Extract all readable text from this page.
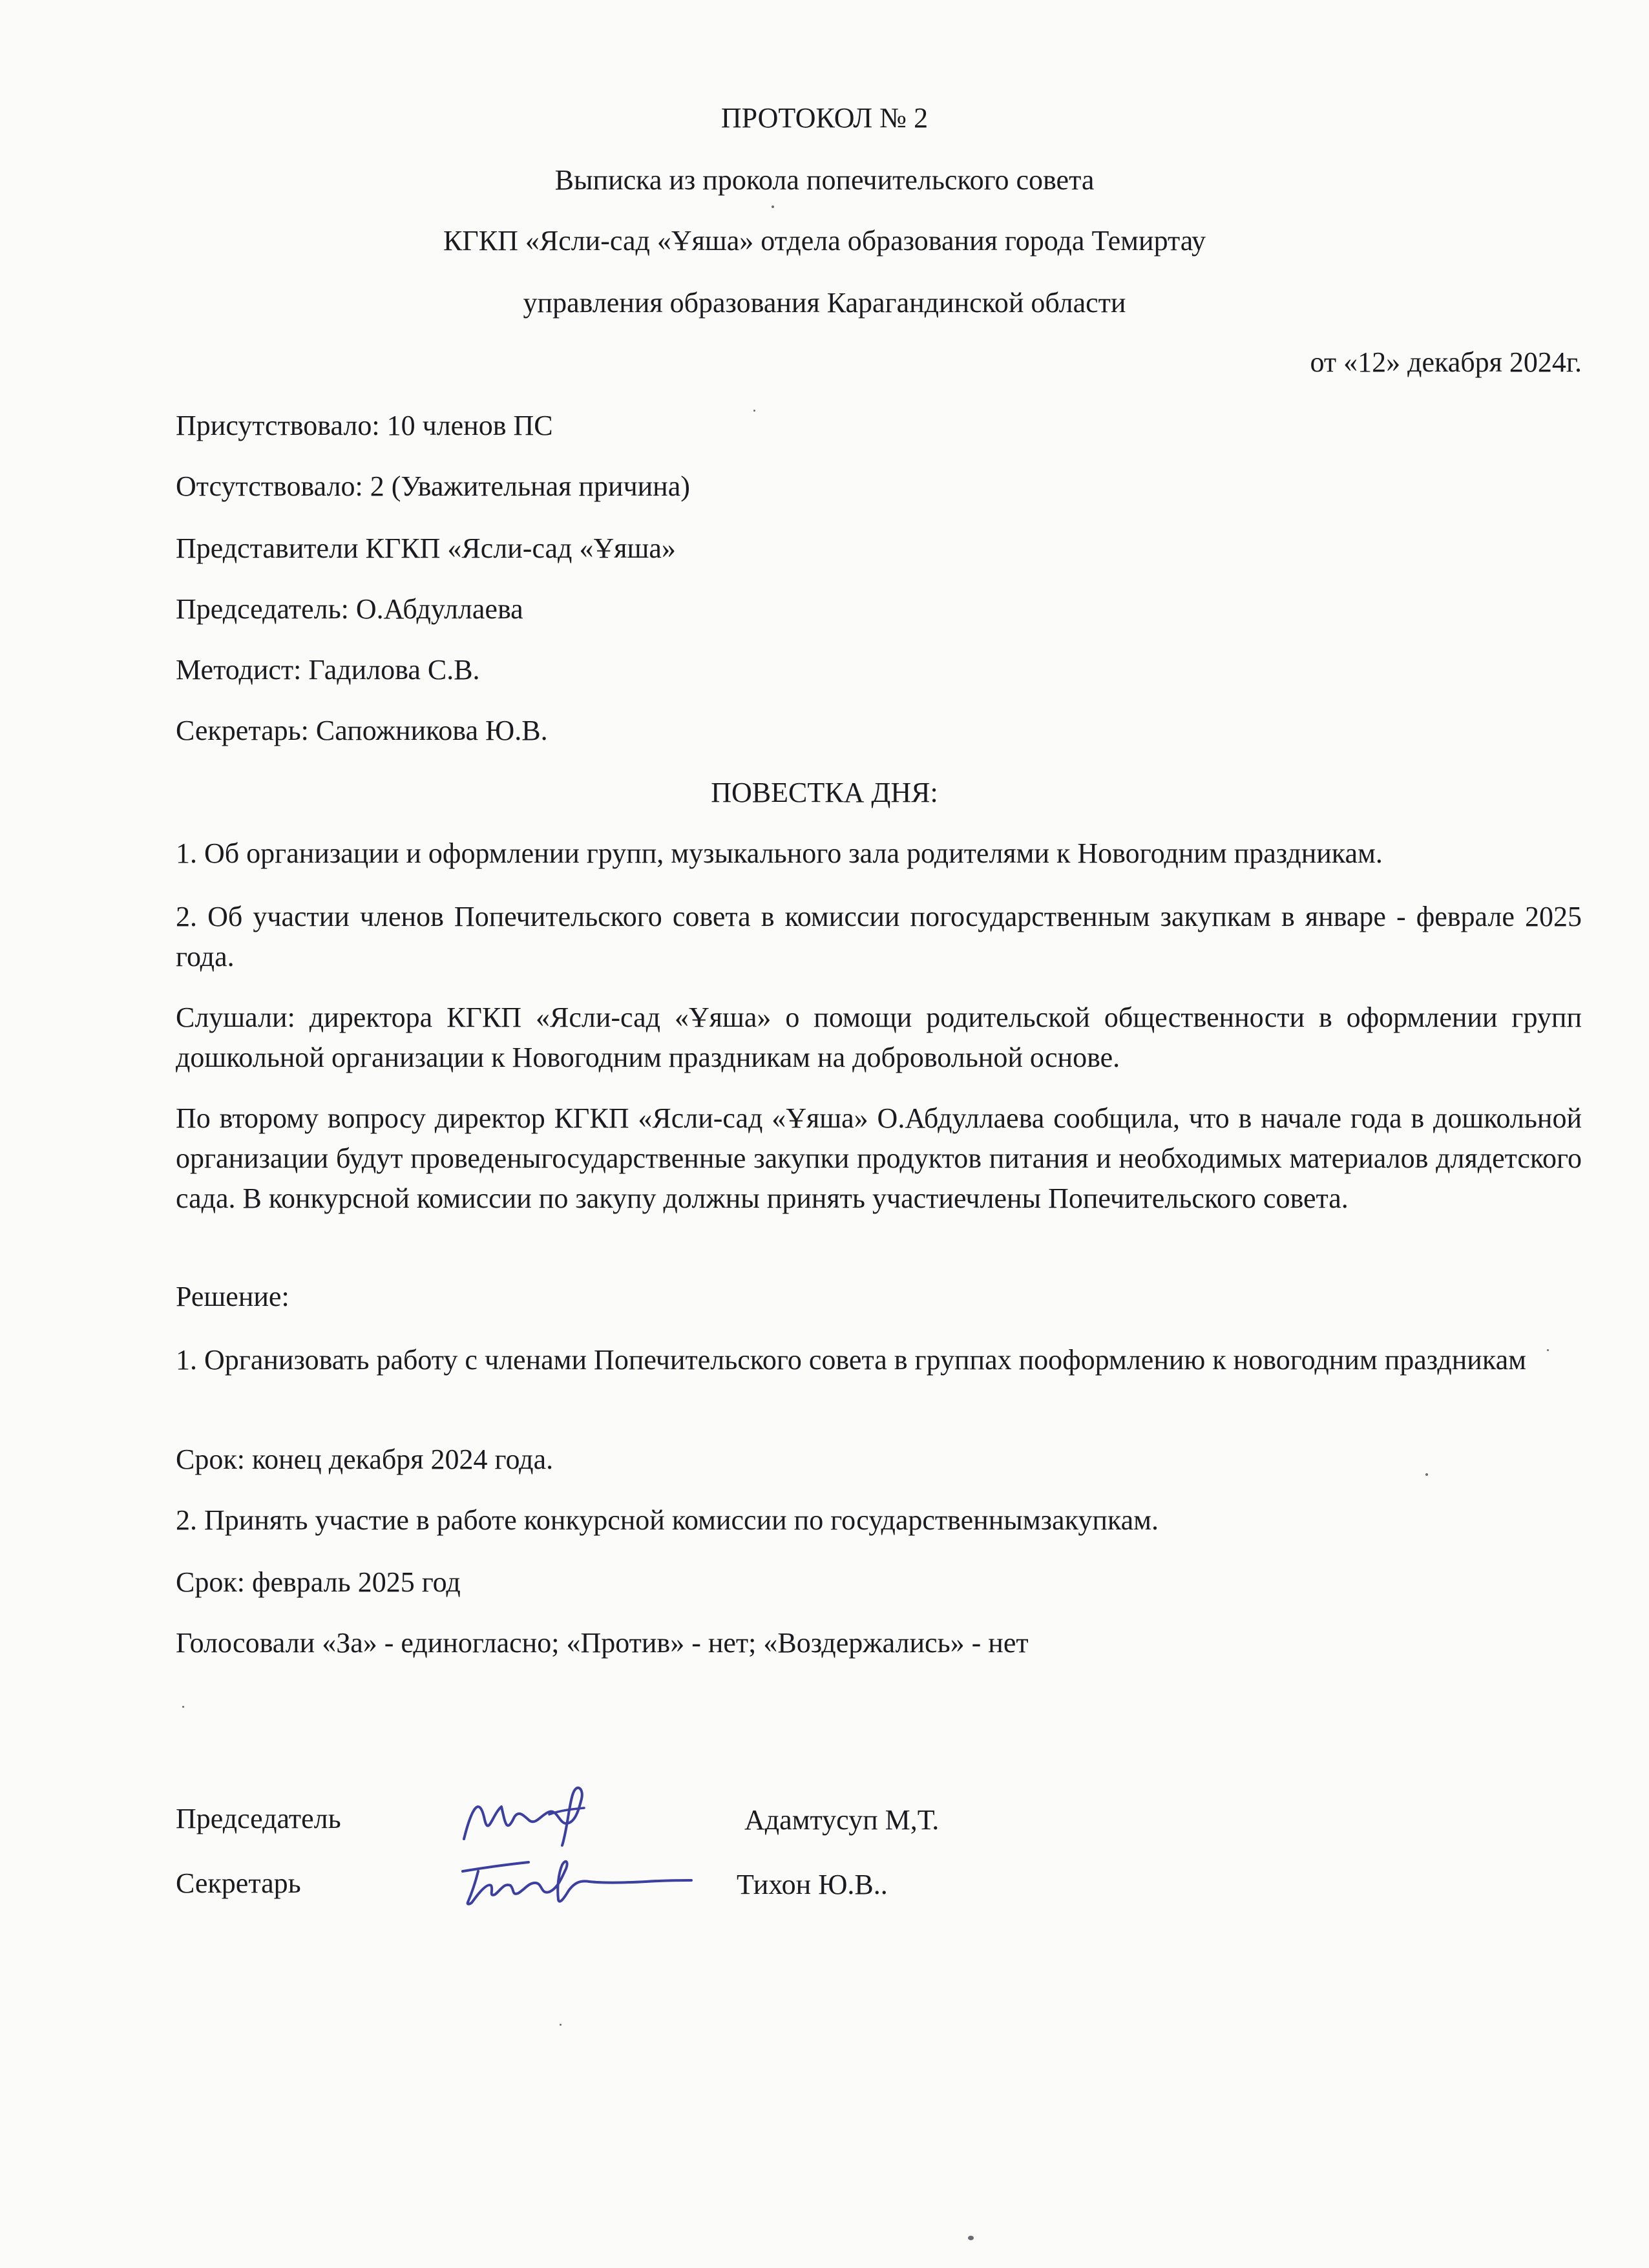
ПРОТОКОЛ № 2
Выписка из прокола попечительского совета
КГКП «Ясли-сад «Ұяша» отдела образования города Темиртау
управления образования Карагандинской области
от «12» декабря 2024г.
Присутствовало: 10 членов ПС
Отсутствовало: 2 (Уважительная причина)
Представители КГКП «Ясли-сад «Ұяша»
Председатель: О.Абдуллаева
Методист: Гадилова С.В.
Секретарь: Сапожникова Ю.В.
ПОВЕСТКА ДНЯ:

1. Об организации и оформлении групп, музыкального зала родителями к Новогодним праздникам.

2. Об участии членов Попечительского совета в комиссии погосударственным закупкам в январе - феврале 2025 года.

Слушали: директора КГКП «Ясли-сад «Ұяша» о помощи родительской общественности в оформлении групп дошкольной организации к Новогодним праздникам на добровольной основе.

По второму вопросу директор КГКП «Ясли-сад «Ұяша» О.Абдуллаева сообщила, что в начале года в дошкольной организации будут проведеныгосударственные закупки продуктов питания и необходимых материалов длядетского сада. В конкурсной комиссии по закупу должны принять участиечлены Попечительского совета.

Решение:

1. Организовать работу с членами Попечительского совета в группах пооформлению к новогодним праздникам

Срок: конец декабря 2024 года.
2. Принять участие в работе конкурсной комиссии по государственнымзакупкам.
Срок: февраль 2025 год
Голосовали «За» - единогласно; «Против» - нет; «Воздержались» - нет
Председатель	Адамтусуп М,Т.
Секретарь	Тихон Ю.В..
